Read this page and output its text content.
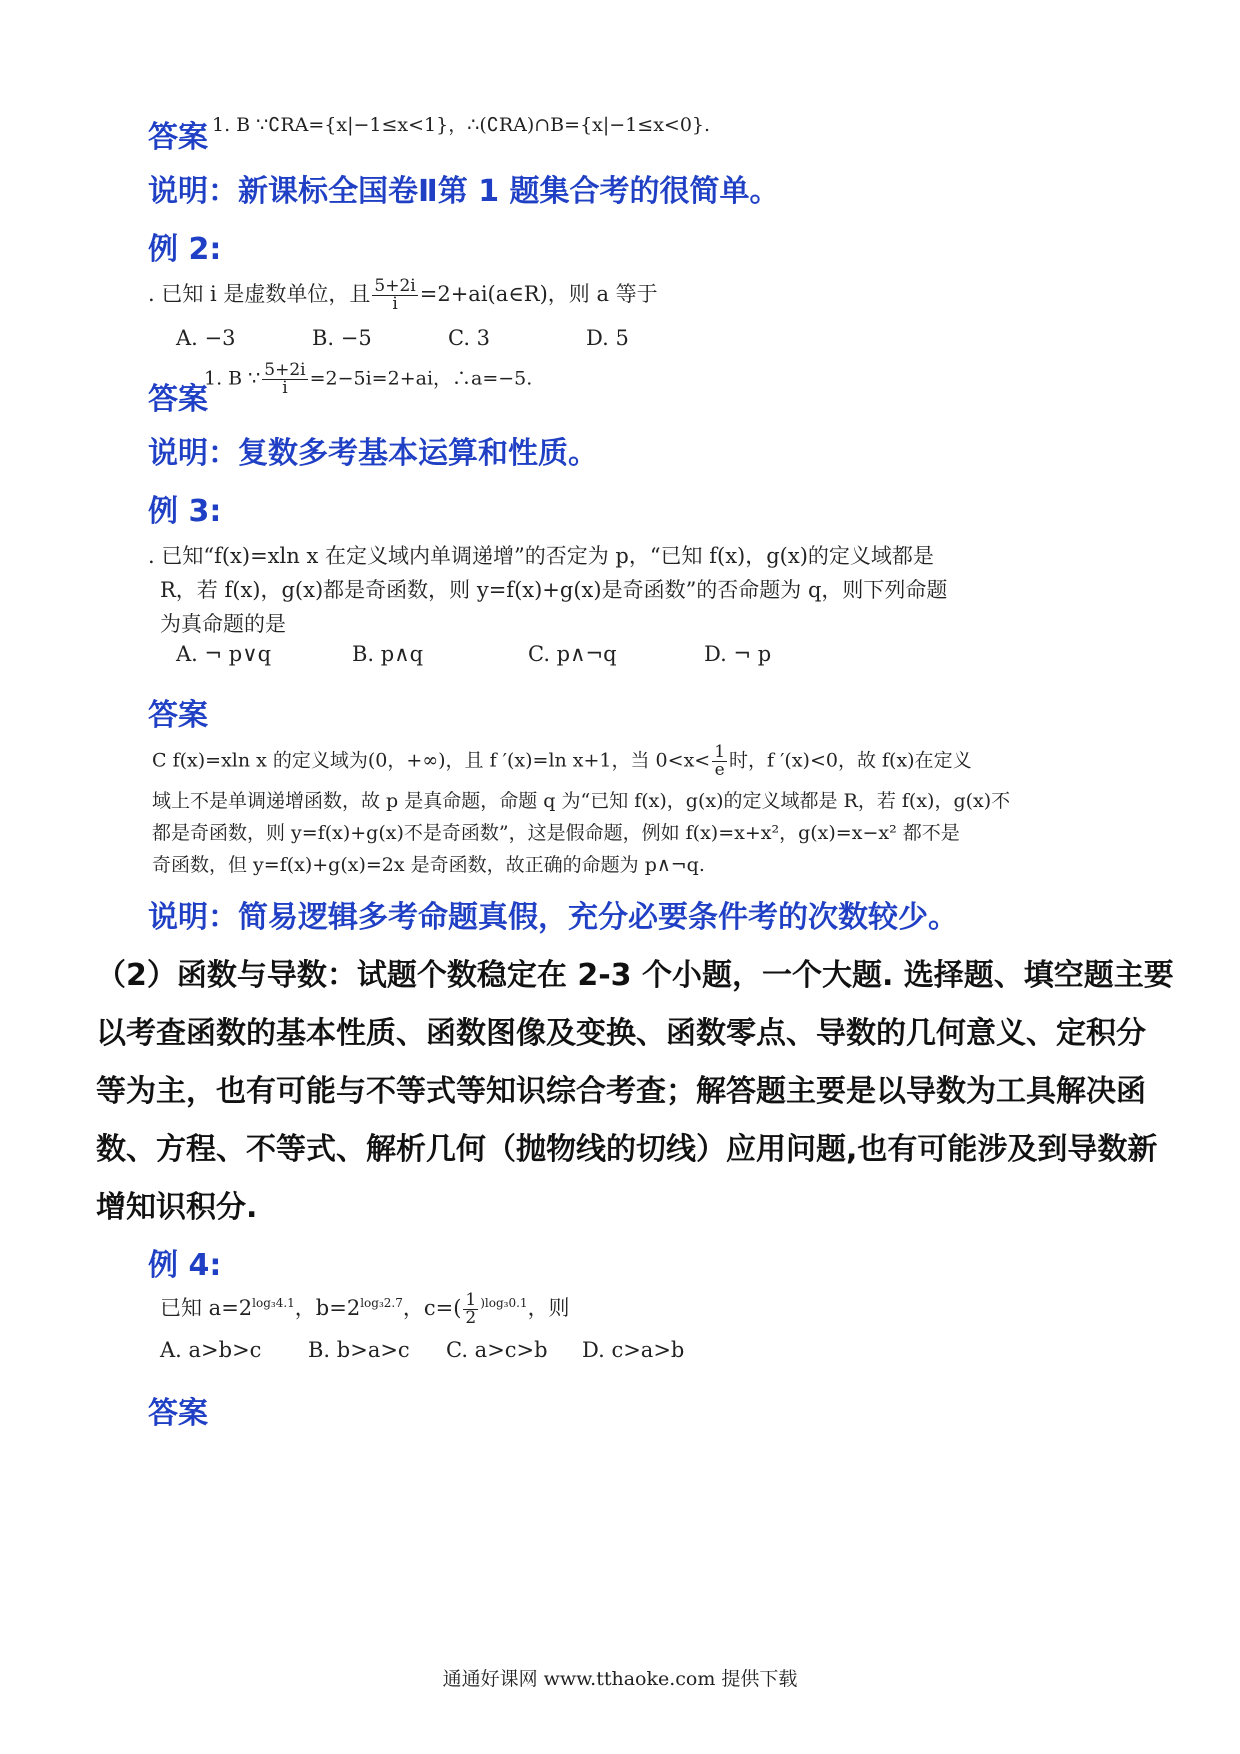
答案 1. B ∵∁RA={x|−1≤x<1}，∴(∁RA)∩B={x|−1≤x<0}.
说明：新课标全国卷Ⅱ第 1 题集合考的很简单。
例 2:
. 已知 i 是虚数单位，且 $\frac{5+2i}{i}$ =2+ai(a∈R)，则 a 等于
A. −3	B. −5	C. 3	D. 5
答案
1. B ∵ $\frac{5+2i}{i} =2-5i=2+ai$，∴a=−5.
说明：复数多考基本运算和性质。
例 3:
. 已知“f(x)=xln x 在定义域内单调递增”的否定为 p，“已知 f(x)，g(x)的定义域都是
R，若 f(x)，g(x)都是奇函数，则 y=f(x)+g(x)是奇函数”的否命题为 q，则下列命题
为真命题的是
A. ¬ p∨q	B. p∧q	C. p∧¬q	D. ¬ p
答案
C f(x)=xln x 的定义域为(0，+∞)，且 f ′(x)=ln x+1，当 $0<x< \frac{1}{e}$ 时，f ′(x)<0，故 f(x)在定义
域上不是单调递增函数，故 p 是真命题，命题 q 为“已知 f(x)，g(x)的定义域都是 R，若 f(x)，g(x)不
都是奇函数，则 y=f(x)+g(x)不是奇函数”，这是假命题，例如 f(x)=x+x²，g(x)=x−x² 都不是
奇函数，但 y=f(x)+g(x)=2x 是奇函数，故正确的命题为 p∧¬q.
说明：简易逻辑多考命题真假，充分必要条件考的次数较少。
（2）函数与导数：试题个数稳定在 2-3 个小题，一个大题. 选择题、填空题主要
以考查函数的基本性质、函数图像及变换、函数零点、导数的几何意义、定积分
等为主，也有可能与不等式等知识综合考查；解答题主要是以导数为工具解决函
数、方程、不等式、解析几何（抛物线的切线）应用问题,也有可能涉及到导数新
增知识积分.
例 4:
已知 $a=2^{log_34.1}$，$b=2^{log_32.7}$，$c=( \frac{1}{2} ^{)log_30.1}$，则
A. a>b>c B. b>a>c C. a>c>b D. c>a>b
答案
通通好课网 www.tthaoke.com 提供下载
